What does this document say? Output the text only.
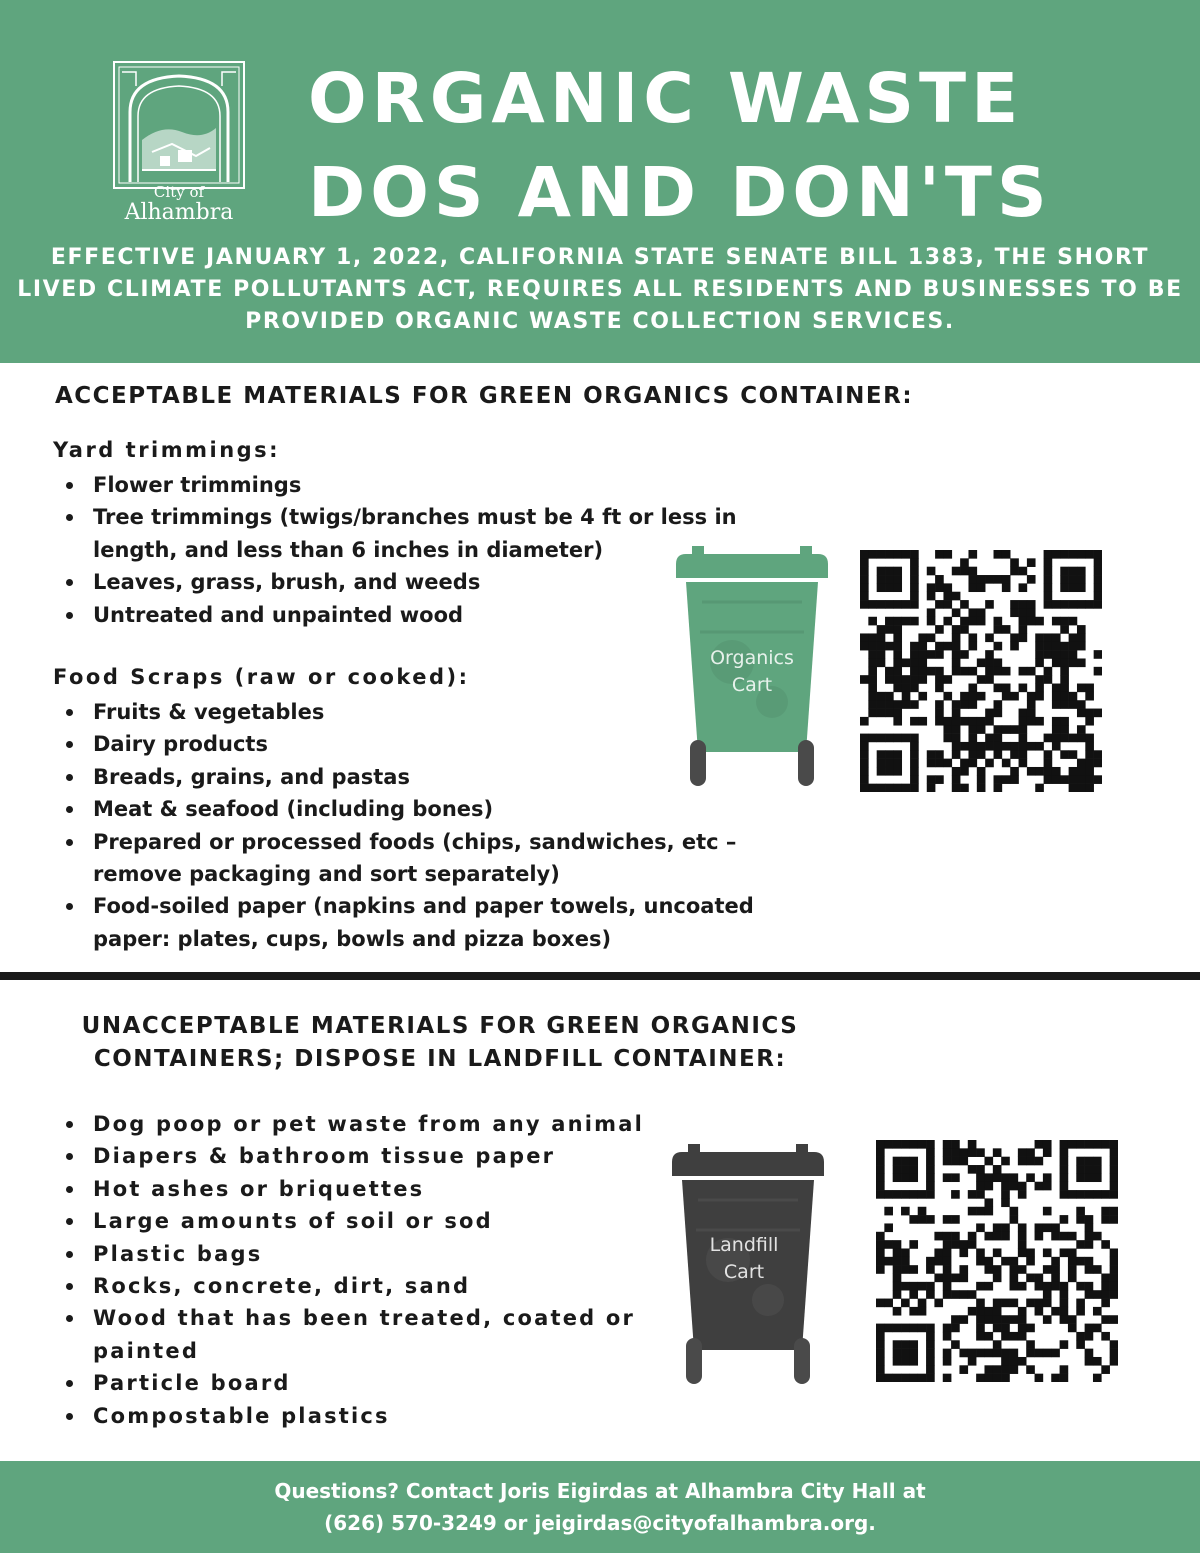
City of
Alhambra
ORGANIC WASTE
DOS AND DON'TS

EFFECTIVE JANUARY 1, 2022, CALIFORNIA STATE SENATE BILL 1383, THE SHORT LIVED CLIMATE POLLUTANTS ACT, REQUIRES ALL RESIDENTS AND BUSINESSES TO BE PROVIDED ORGANIC WASTE COLLECTION SERVICES.

ACCEPTABLE MATERIALS FOR GREEN ORGANICS CONTAINER:
Yard trimmings:
Flower trimmings
Tree trimmings (twigs/branches must be 4 ft or less in length, and less than 6 inches in diameter)
Leaves, grass, brush, and weeds
Untreated and unpainted wood
Food Scraps (raw or cooked):
Fruits & vegetables
Dairy products
Breads, grains, and pastas
Meat & seafood (including bones)
Prepared or processed foods (chips, sandwiches, etc – remove packaging and sort separately)
Food-soiled paper (napkins and paper towels, uncoated paper: plates, cups, bowls and pizza boxes)
Organics
Cart
UNACCEPTABLE MATERIALS FOR GREEN ORGANICS
CONTAINERS; DISPOSE IN LANDFILL CONTAINER:
Dog poop or pet waste from any animal
Diapers & bathroom tissue paper
Hot ashes or briquettes
Large amounts of soil or sod
Plastic bags
Rocks, concrete, dirt, sand
Wood that has been treated, coated or painted
Particle board
Compostable plastics
Landfill
Cart

Questions? Contact Joris Eigirdas at Alhambra City Hall at

(626) 570-3249 or jeigirdas@cityofalhambra.org.
